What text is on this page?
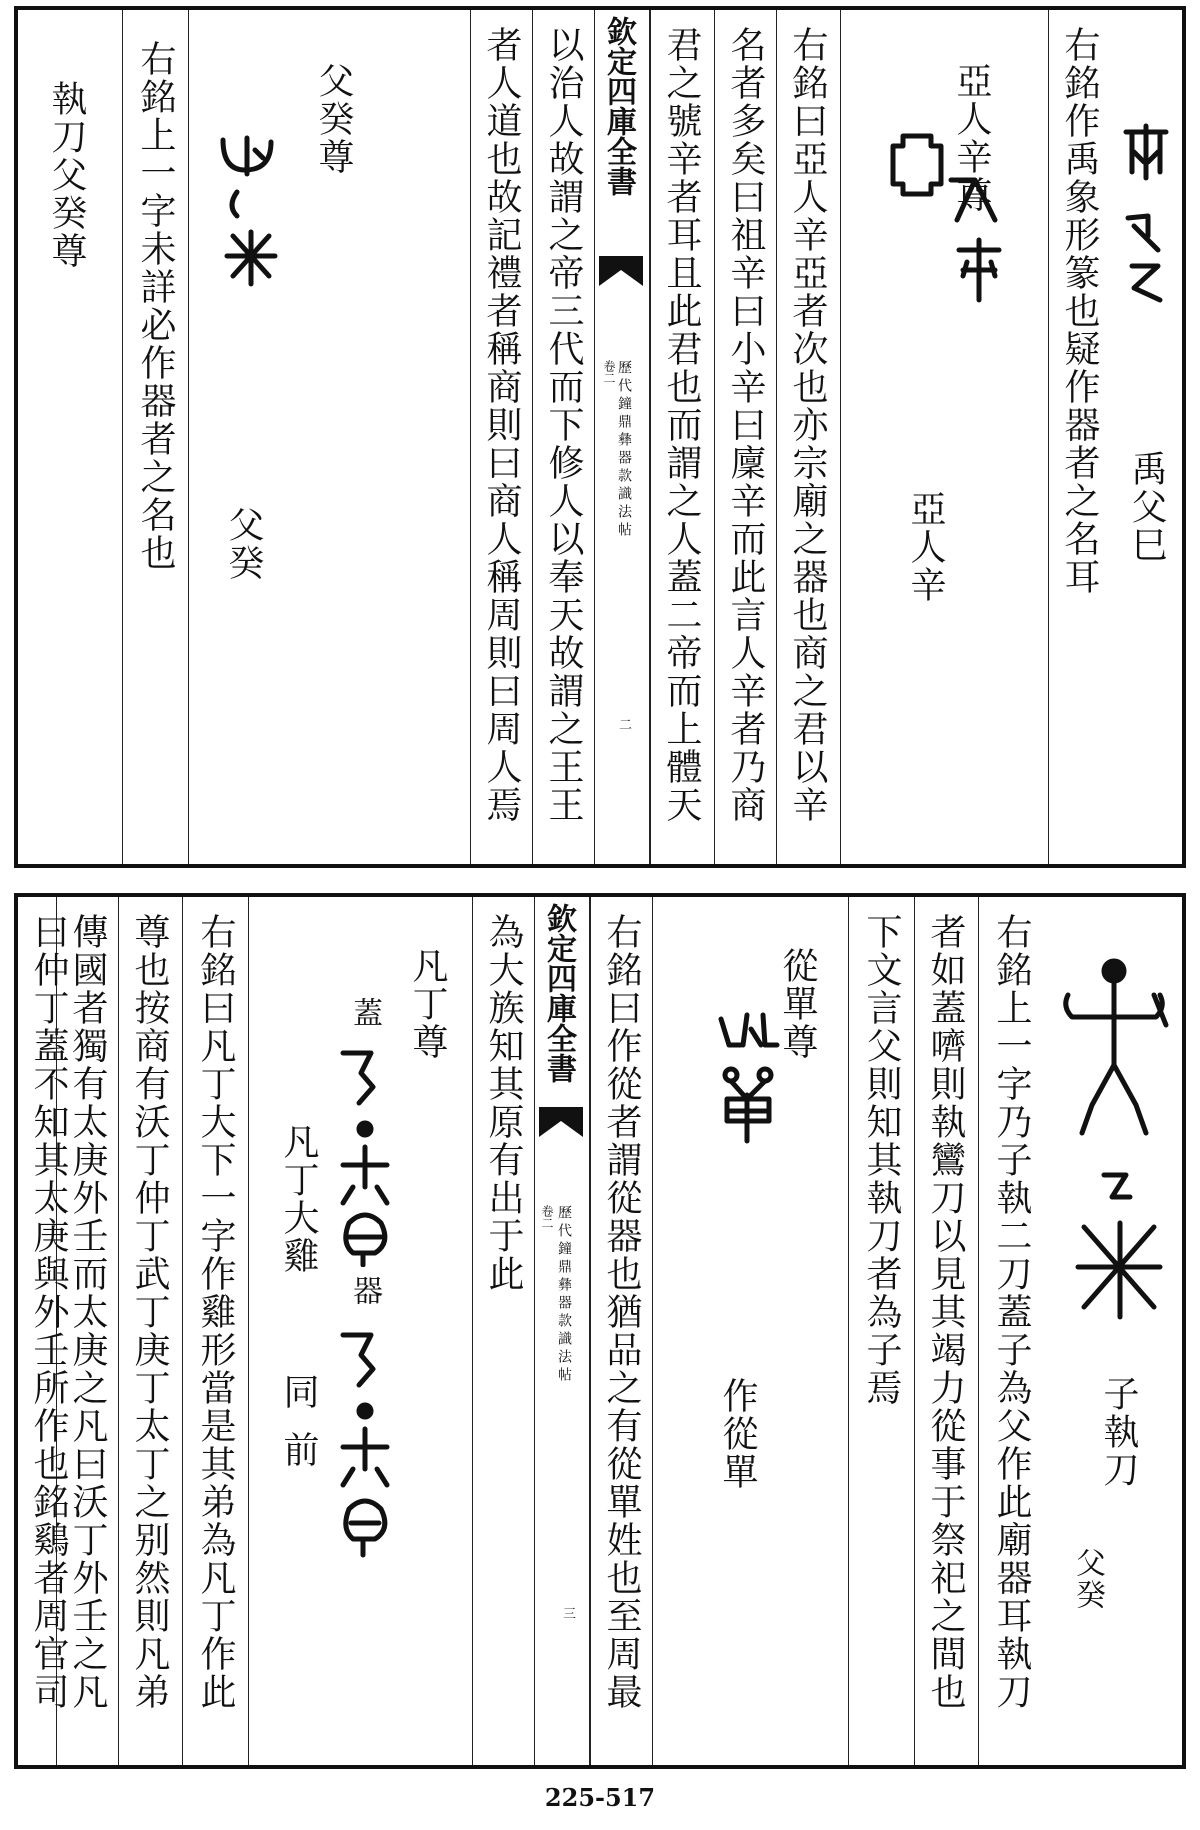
禹父巳
右銘作禹象形篆也疑作器者之名耳
亞人辛尊
亞人辛
右銘曰亞人辛亞者次也亦宗廟之器也商之君以辛
名者多矣曰祖辛曰小辛曰廩辛而此言人辛者乃商
君之號辛者耳且此君也而謂之人蓋二帝而上體天
欽定四庫全書
歷代鐘鼎彝器款識法帖
卷二
二
以治人故謂之帝三代而下修人以奉天故謂之王王
者人道也故記禮者稱商則曰商人稱周則曰周人焉
父癸尊
父癸
右銘上一字未詳必作器者之名也
執刀父癸尊
子執刀
父癸
右銘上一字乃子執二刀蓋子為父作此廟器耳執刀
者如蓋嚌則執鸞刀以見其竭力從事于祭祀之間也
下文言父則知其執刀者為子焉
從單尊
作從單
右銘曰作從者謂從器也猶品之有從單姓也至周最
欽定四庫全書
歷代鐘鼎彝器款識法帖
卷二
三
為大族知其原有出于此
凡丁尊
蓋
器
凡丁大雞
同前
右銘曰凡丁大下一字作雞形當是其弟為凡丁作此
尊也按商有沃丁仲丁武丁庚丁太丁之别然則凡弟
傳國者獨有太庚外壬而太庚之凡曰沃丁外壬之凡
曰仲丁蓋不知其太庚與外壬所作也銘鷄者周官司
225-517
